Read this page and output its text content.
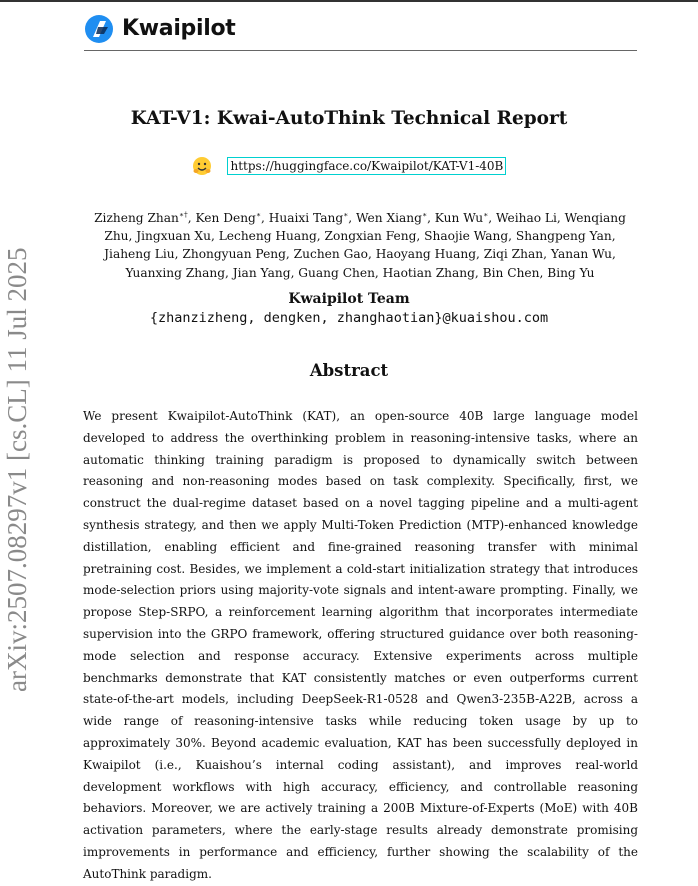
Kwaipilot
KAT-V1: Kwai-AutoThink Technical Report
https://huggingface.co/Kwaipilot/KAT-V1-40B
Zizheng Zhan∗†, Ken Deng∗, Huaixi Tang∗, Wen Xiang∗, Kun Wu∗, Weihao Li, Wenqiang Zhu, Jingxuan Xu, Lecheng Huang, Zongxian Feng, Shaojie Wang, Shangpeng Yan, Jiaheng Liu, Zhongyuan Peng, Zuchen Gao, Haoyang Huang, Ziqi Zhan, Yanan Wu, Yuanxing Zhang, Jian Yang, Guang Chen, Haotian Zhang, Bin Chen, Bing Yu
Kwaipilot Team
{zhanzizheng, dengken, zhanghaotian}@kuaishou.com
Abstract
We present Kwaipilot-AutoThink (KAT), an open-source 40B large language model developed to address the overthinking problem in reasoning-intensive tasks, where an automatic thinking training paradigm is proposed to dynamically switch between reasoning and non-reasoning modes based on task complexity. Specifically, first, we construct the dual-regime dataset based on a novel tagging pipeline and a multi-agent synthesis strategy, and then we apply Multi-Token Prediction (MTP)-enhanced knowledge distillation, enabling efficient and fine-grained reasoning transfer with minimal pretraining cost. Besides, we implement a cold-start initialization strategy that introduces mode-selection priors using majority-vote signals and intent-aware prompting. Finally, we propose Step-SRPO, a reinforcement learning algorithm that incorporates intermediate supervision into the GRPO framework, offering structured guidance over both reasoning-mode selection and response accuracy. Extensive experiments across multiple benchmarks demonstrate that KAT consistently matches or even outperforms current state-of-the-art models, including DeepSeek-R1-0528 and Qwen3-235B-A22B, across a wide range of reasoning-intensive tasks while reducing token usage by up to approximately 30%. Beyond academic evaluation, KAT has been successfully deployed in Kwaipilot (i.e., Kuaishou’s internal coding assistant), and improves real-world development workflows with high accuracy, efficiency, and controllable reasoning behaviors. Moreover, we are actively training a 200B Mixture-of-Experts (MoE) with 40B activation parameters, where the early-stage results already demonstrate promising improvements in performance and efficiency, further showing the scalability of the AutoThink paradigm.
arXiv:2507.08297v1 [cs.CL] 11 Jul 2025
